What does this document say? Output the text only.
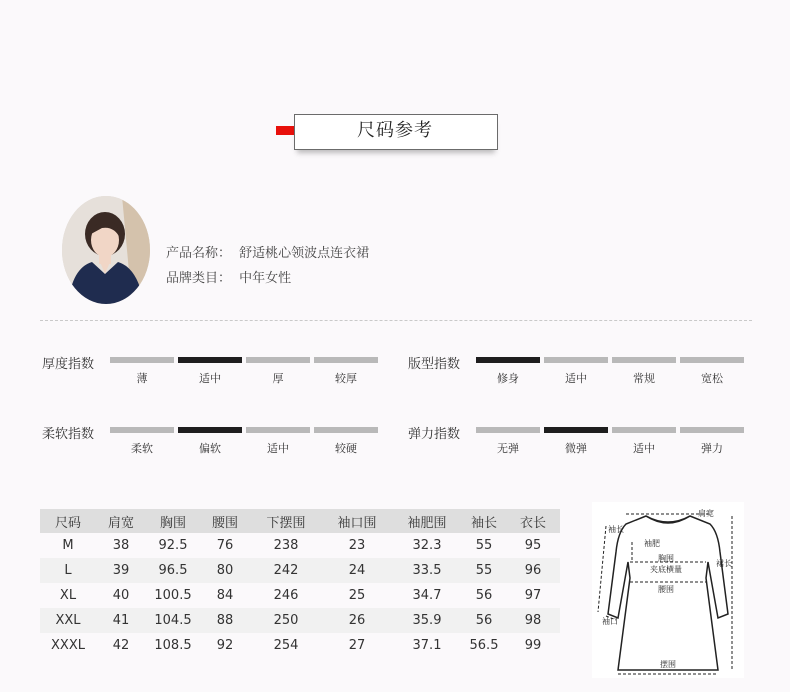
尺码参考
产品名称： 舒适桃心领波点连衣裙
品牌类目： 中年女性
厚度指数	版型指数
柔软指数	弹力指数
薄	适中	厚	较厚	修身	适中	常规	宽松
柔软	偏软	适中	较硬	无弹	微弹	适中	弹力
尺码	肩宽	胸围	腰围	下摆围	袖口围	袖肥围	袖长	衣长
M	38	92.5	76	238	23	32.3	55	95
L	39	96.5	80	242	24	33.5	55	96
XL	40	100.5	84	246	25	34.7	56	97
XXL	41	104.5	88	250	26	35.9	56	98
XXXL	42	108.5	92	254	27	37.1	56.5	99
肩宽
袖长
袖肥
胸围
夹底横量
腰围
裙长
袖口
摆围
